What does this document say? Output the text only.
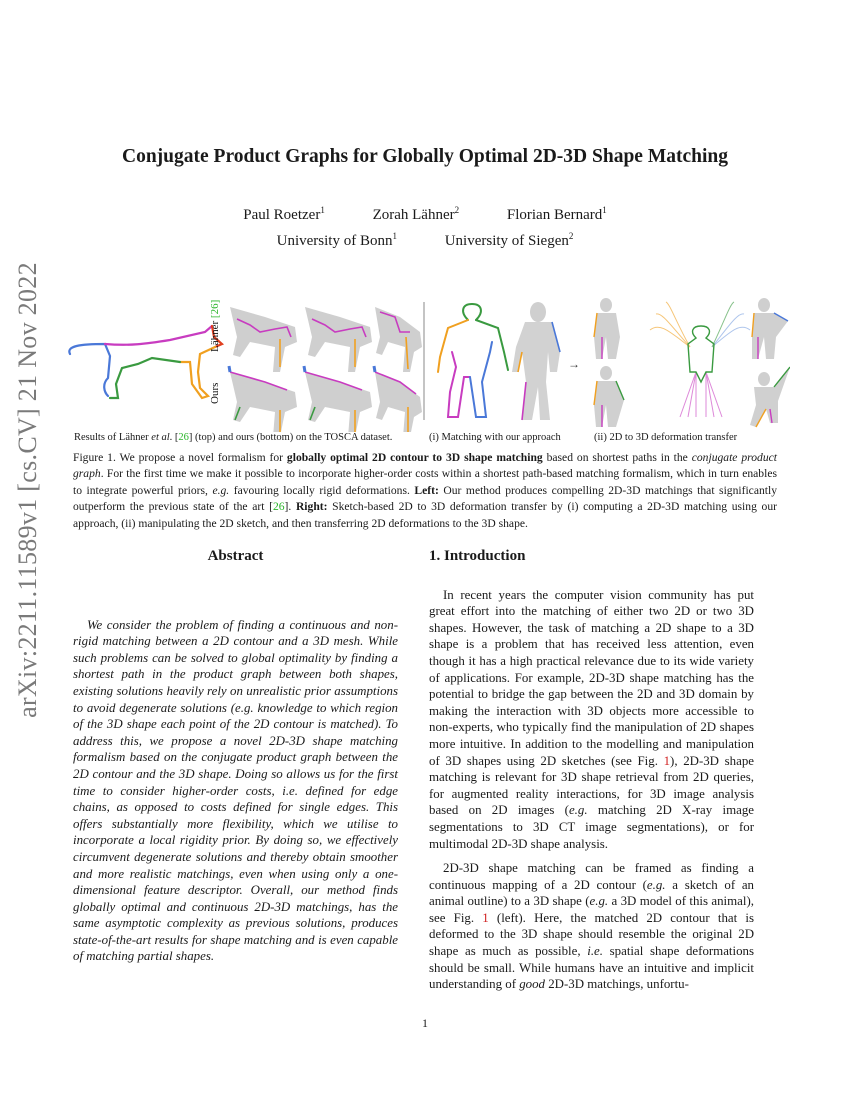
arXiv:2211.11589v1 [cs.CV] 21 Nov 2022
Conjugate Product Graphs for Globally Optimal 2D-3D Shape Matching
Paul Roetzer$^1$	Zorah Lähner$^2$	Florian Bernard$^1$
University of Bonn$^1$	University of Siegen$^2$
Lähner [26]
Ours
→
Results of Lähner et al. [26] (top) and ours (bottom) on the TOSCA dataset.	(i) Matching with our approach	(ii) 2D to 3D deformation transfer
Figure 1. We propose a novel formalism for globally optimal 2D contour to 3D shape matching based on shortest paths in the conjugate product graph. For the first time we make it possible to incorporate higher-order costs within a shortest path-based matching formalism, which in turn enables to integrate powerful priors, e.g. favouring locally rigid deformations. Left: Our method produces compelling 2D-3D matchings that significantly outperform the previous state of the art [26]. Right: Sketch-based 2D to 3D deformation transfer by (i) computing a 2D-3D matching using our approach, (ii) manipulating the 2D sketch, and then transferring 2D deformations to the 3D shape.
Abstract

We consider the problem of finding a continuous and non-rigid matching between a 2D contour and a 3D mesh. While such problems can be solved to global optimality by finding a shortest path in the product graph between both shapes, existing solutions heavily rely on unrealistic prior assumptions to avoid degenerate solutions (e.g. knowledge to which region of the 3D shape each point of the 2D contour is matched). To address this, we propose a novel 2D-3D shape matching formalism based on the conjugate product graph between the 2D contour and the 3D shape. Doing so allows us for the first time to consider higher-order costs, i.e. defined for edge chains, as opposed to costs defined for single edges. This offers substantially more flexibility, which we utilise to incorporate a local rigidity prior. By doing so, we effectively circumvent degenerate solutions and thereby obtain smoother and more realistic matchings, even when using only a one-dimensional feature descriptor. Overall, our method finds globally optimal and continuous 2D-3D matchings, has the same asymptotic complexity as previous solutions, produces state-of-the-art results for shape matching and is even capable of matching partial shapes.

1. Introduction

In recent years the computer vision community has put great effort into the matching of either two 2D or two 3D shapes. However, the task of matching a 2D shape to a 3D shape is a problem that has received less attention, even though it has a high practical relevance due to its wide variety of applications. For example, 2D-3D shape matching has the potential to bridge the gap between the 2D and 3D domain by making the interaction with 3D objects more accessible to non-experts, who typically find the manipulation of 2D shapes more intuitive. In addition to the modelling and manipulation of 3D shapes using 2D sketches (see Fig. 1), 2D-3D shape matching is relevant for 3D shape retrieval from 2D queries, for augmented reality interactions, for 3D image analysis based on 2D images (e.g. matching 2D X-ray image segmentations to 3D CT image segmentations), or for multimodal 2D-3D shape analysis.

2D-3D shape matching can be framed as finding a continuous mapping of a 2D contour (e.g. a sketch of an animal outline) to a 3D shape (e.g. a 3D model of this animal), see Fig. 1 (left). Here, the matched 2D contour that is deformed to the 3D shape should resemble the original 2D shape as much as possible, i.e. spatial shape deformations should be small. While humans have an intuitive and implicit understanding of good 2D-3D matchings, unfortu-

1
